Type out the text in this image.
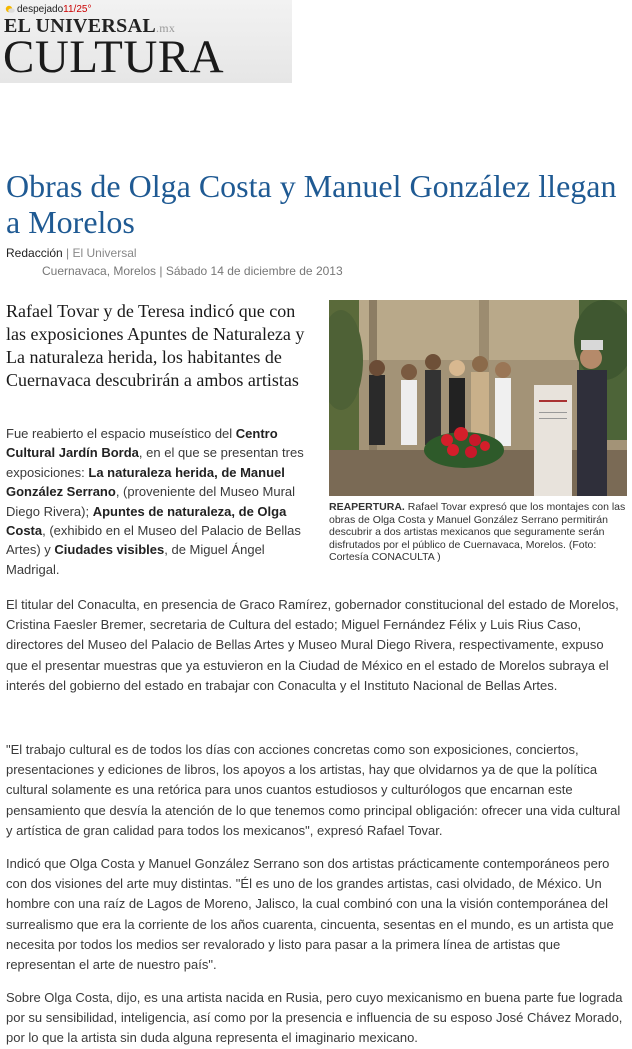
despejado11/25°
EL UNIVERSAL.mx
CULTURA
Obras de Olga Costa y Manuel González llegan a Morelos
Redacción | El Universal
Cuernavaca, Morelos | Sábado 14 de diciembre de 2013

Rafael Tovar y de Teresa indicó que con las exposiciones Apuntes de Naturaleza y La naturaleza herida, los habitantes de Cuernavaca descubrirán a ambos artistas

Fue reabierto el espacio museístico del Centro Cultural Jardín Borda, en el que se presentan tres exposiciones: La naturaleza herida, de Manuel González Serrano, (proveniente del Museo Mural Diego Rivera); Apuntes de naturaleza, de Olga Costa, (exhibido en el Museo del Palacio de Bellas Artes) y Ciudades visibles, de Miguel Ángel Madrigal.

REAPERTURA. Rafael Tovar expresó que los montajes con las obras de Olga Costa y Manuel González Serrano permitirán descubrir a dos artistas mexicanos que seguramente serán disfrutados por el público de Cuernavaca, Morelos. (Foto: Cortesía CONACULTA )

El titular del Conaculta, en presencia de Graco Ramírez, gobernador constitucional del estado de Morelos, Cristina Faesler Bremer, secretaria de Cultura del estado; Miguel Fernández Félix y Luis Rius Caso, directores del Museo del Palacio de Bellas Artes y Museo Mural Diego Rivera, respectivamente, expuso que el presentar muestras que ya estuvieron en la Ciudad de México en el estado de Morelos subraya el interés del gobierno del estado en trabajar con Conaculta y el Instituto Nacional de Bellas Artes.

"El trabajo cultural es de todos los días con acciones concretas como son exposiciones, conciertos, presentaciones y ediciones de libros, los apoyos a los artistas, hay que olvidarnos ya de que la política cultural solamente es una retórica para unos cuantos estudiosos y culturólogos que encarnan este pensamiento que desvía la atención de lo que tenemos como principal obligación: ofrecer una vida cultural y artística de gran calidad para todos los mexicanos", expresó Rafael Tovar.

Indicó que Olga Costa y Manuel González Serrano son dos artistas prácticamente contemporáneos pero con dos visiones del arte muy distintas. "Él es uno de los grandes artistas, casi olvidado, de México. Un hombre con una raíz de Lagos de Moreno, Jalisco, la cual combinó con una la visión contemporánea del surrealismo que era la corriente de los años cuarenta, cincuenta, sesentas en el mundo, es un artista que necesita por todos los medios ser revalorado y listo para pasar a la primera línea de artistas que representan el arte de nuestro país".

Sobre Olga Costa, dijo, es una artista nacida en Rusia, pero cuyo mexicanismo en buena parte fue lograda por su sensibilidad, inteligencia, así como por la presencia e influencia de su esposo José Chávez Morado, por lo que la artista sin duda alguna representa el imaginario mexicano.
